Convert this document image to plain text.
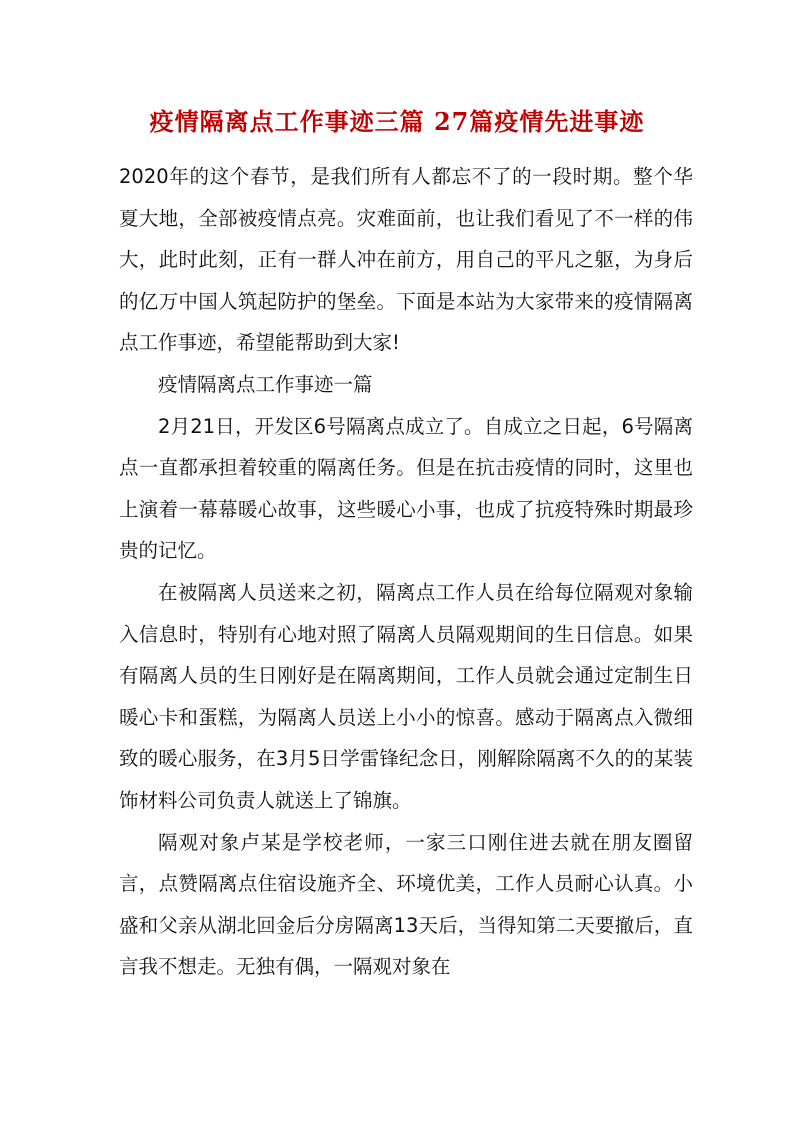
疫情隔离点工作事迹三篇 27篇疫情先进事迹

2020年的这个春节，是我们所有人都忘不了的一段时期。整个华夏大地，全部被疫情点亮。灾难面前，也让我们看见了不一样的伟大，此时此刻，正有一群人冲在前方，用自己的平凡之躯，为身后的亿万中国人筑起防护的堡垒。下面是本站为大家带来的疫情隔离点工作事迹，希望能帮助到大家!

疫情隔离点工作事迹一篇

2月21日，开发区6号隔离点成立了。自成立之日起，6号隔离点一直都承担着较重的隔离任务。但是在抗击疫情的同时，这里也上演着一幕幕暖心故事，这些暖心小事，也成了抗疫特殊时期最珍贵的记忆。

在被隔离人员送来之初，隔离点工作人员在给每位隔观对象输入信息时，特别有心地对照了隔离人员隔观期间的生日信息。如果有隔离人员的生日刚好是在隔离期间，工作人员就会通过定制生日暖心卡和蛋糕，为隔离人员送上小小的惊喜。感动于隔离点入微细致的暖心服务，在3月5日学雷锋纪念日，刚解除隔离不久的的某装饰材料公司负责人就送上了锦旗。

隔观对象卢某是学校老师，一家三口刚住进去就在朋友圈留言，点赞隔离点住宿设施齐全、环境优美，工作人员耐心认真。小盛和父亲从湖北回金后分房隔离13天后，当得知第二天要撤后，直言我不想走。无独有偶，一隔观对象在
